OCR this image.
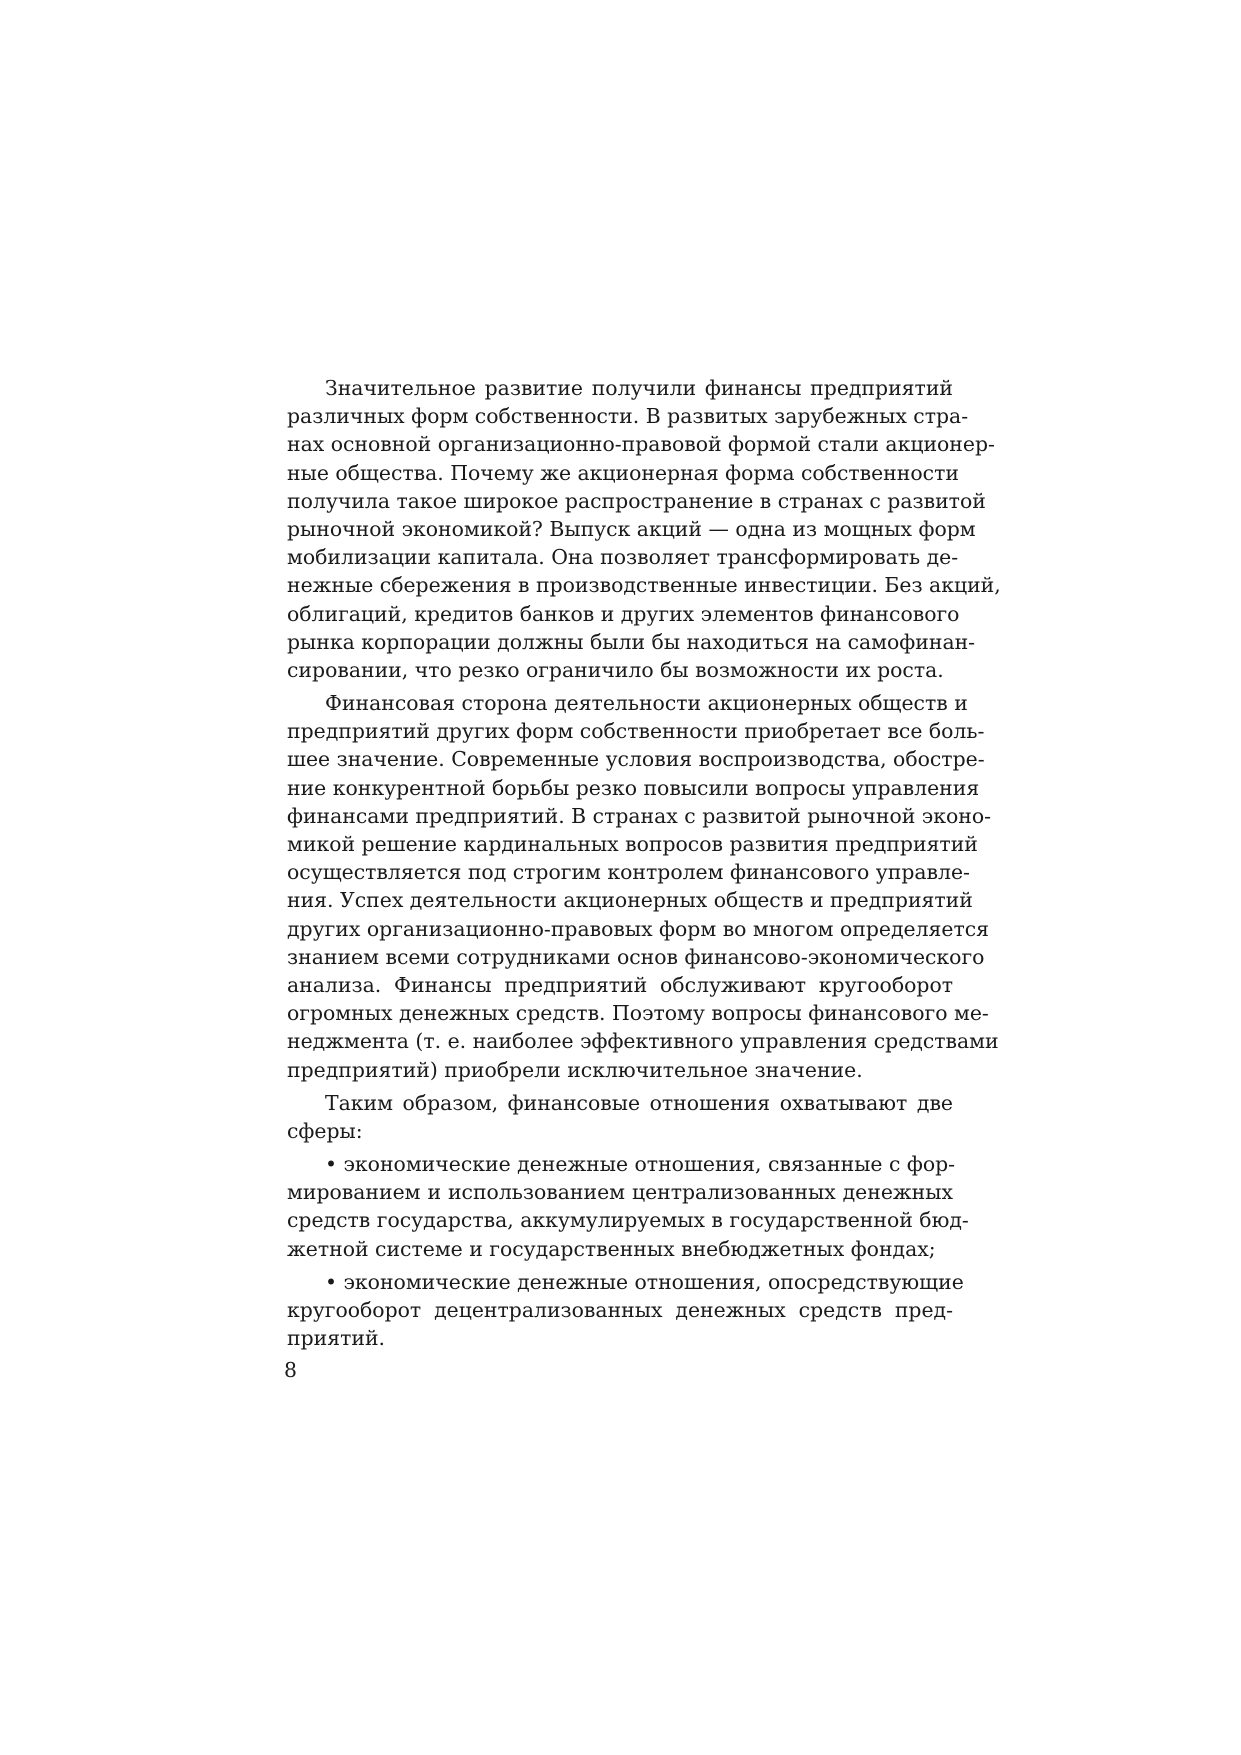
Значительное развитие получили финансы предприятий
различных форм собственности. В развитых зарубежных стра-
нах основной организационно-правовой формой стали акционер-
ные общества. Почему же акционерная форма собственности
получила такое широкое распространение в странах с развитой
рыночной экономикой? Выпуск акций — одна из мощных форм
мобилизации капитала. Она позволяет трансформировать де-
нежные сбережения в производственные инвестиции. Без акций,
облигаций, кредитов банков и других элементов финансового
рынка корпорации должны были бы находиться на самофинан-
сировании, что резко ограничило бы возможности их роста.
Финансовая сторона деятельности акционерных обществ и
предприятий других форм собственности приобретает все боль-
шее значение. Современные условия воспроизводства, обостре-
ние конкурентной борьбы резко повысили вопросы управления
финансами предприятий. В странах с развитой рыночной эконо-
микой решение кардинальных вопросов развития предприятий
осуществляется под строгим контролем финансового управле-
ния. Успех деятельности акционерных обществ и предприятий
других организационно-правовых форм во многом определяется
знанием всеми сотрудниками основ финансово-экономического
анализа. Финансы предприятий обслуживают кругооборот
огромных денежных средств. Поэтому вопросы финансового ме-
неджмента (т. е. наиболее эффективного управления средствами
предприятий) приобрели исключительное значение.
Таким образом, финансовые отношения охватывают две
сферы:
• экономические денежные отношения, связанные с фор-
мированием и использованием централизованных денежных
средств государства, аккумулируемых в государственной бюд-
жетной системе и государственных внебюджетных фондах;
• экономические денежные отношения, опосредствующие
кругооборот децентрализованных денежных средств пред-
приятий.
8
